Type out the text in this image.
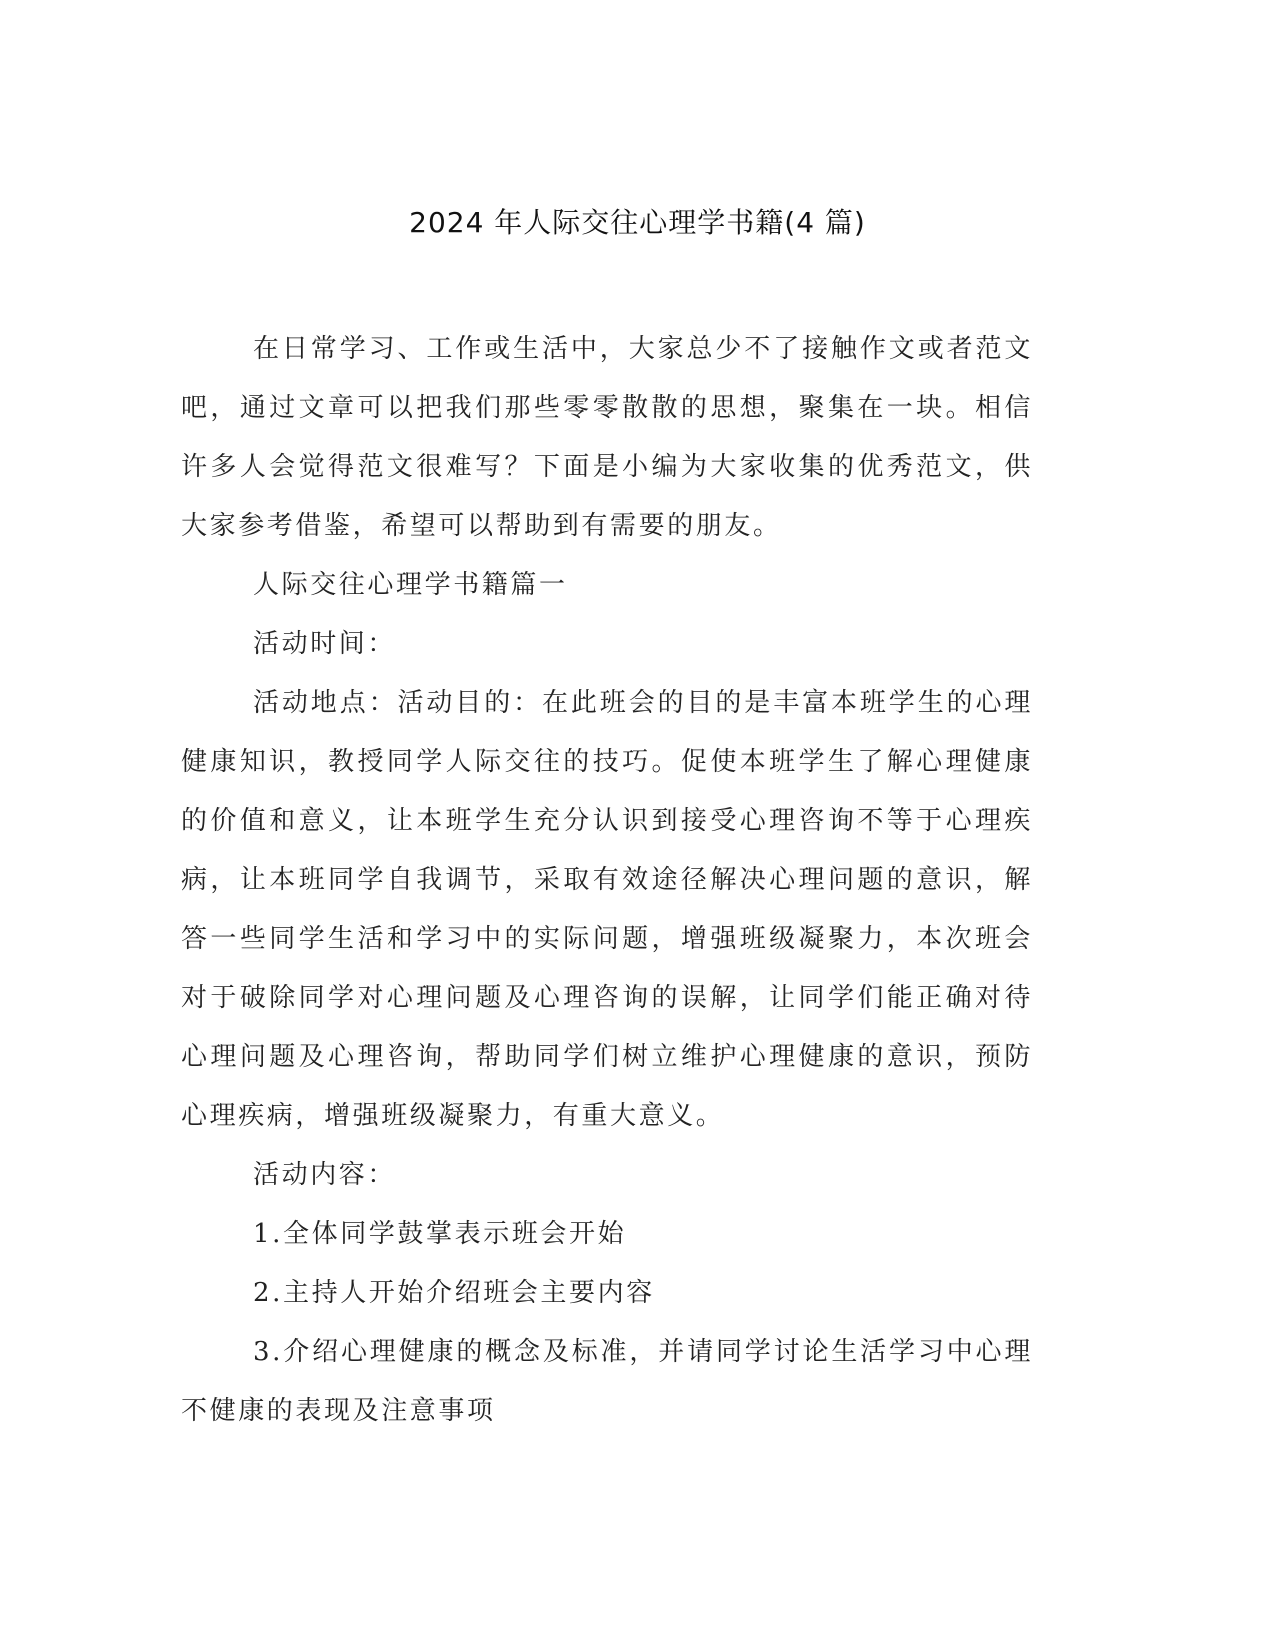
2024 年人际交往心理学书籍(4 篇)

在日常学习、工作或生活中，大家总少不了接触作文或者范文吧，通过文章可以把我们那些零零散散的思想，聚集在一块。相信许多人会觉得范文很难写？下面是小编为大家收集的优秀范文，供大家参考借鉴，希望可以帮助到有需要的朋友。

人际交往心理学书籍篇一

活动时间：

活动地点：活动目的：在此班会的目的是丰富本班学生的心理健康知识，教授同学人际交往的技巧。促使本班学生了解心理健康的价值和意义，让本班学生充分认识到接受心理咨询不等于心理疾病，让本班同学自我调节，采取有效途径解决心理问题的意识，解答一些同学生活和学习中的实际问题，增强班级凝聚力，本次班会对于破除同学对心理问题及心理咨询的误解，让同学们能正确对待心理问题及心理咨询，帮助同学们树立维护心理健康的意识，预防心理疾病，增强班级凝聚力，有重大意义。

活动内容：

1.全体同学鼓掌表示班会开始

2.主持人开始介绍班会主要内容

3.介绍心理健康的概念及标准，并请同学讨论生活学习中心理不健康的表现及注意事项
